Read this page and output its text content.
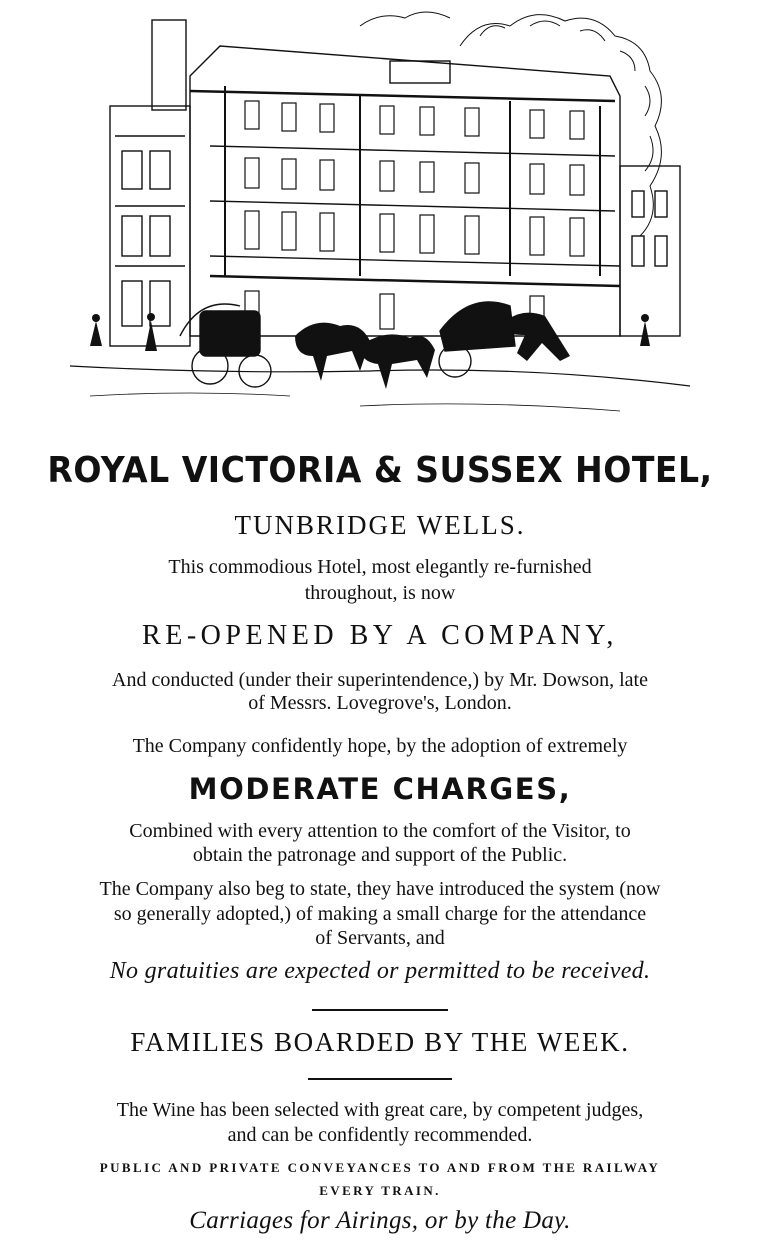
ROYAL VICTORIA & SUSSEX HOTEL,
TUNBRIDGE WELLS.
This commodious Hotel, most elegantly re-furnished
throughout, is now
RE-OPENED BY A COMPANY,
And conducted (under their superintendence,) by Mr. Dowson, late
of Messrs. Lovegrove's, London.
The Company confidently hope, by the adoption of extremely
MODERATE CHARGES,
Combined with every attention to the comfort of the Visitor, to
obtain the patronage and support of the Public.
The Company also beg to state, they have introduced the system (now
so generally adopted,) of making a small charge for the attendance
of Servants, and
No gratuities are expected or permitted to be received.
FAMILIES BOARDED BY THE WEEK.
The Wine has been selected with great care, by competent judges,
and can be confidently recommended.
PUBLIC AND PRIVATE CONVEYANCES TO AND FROM THE RAILWAY
EVERY TRAIN.
Carriages for Airings, or by the Day.
